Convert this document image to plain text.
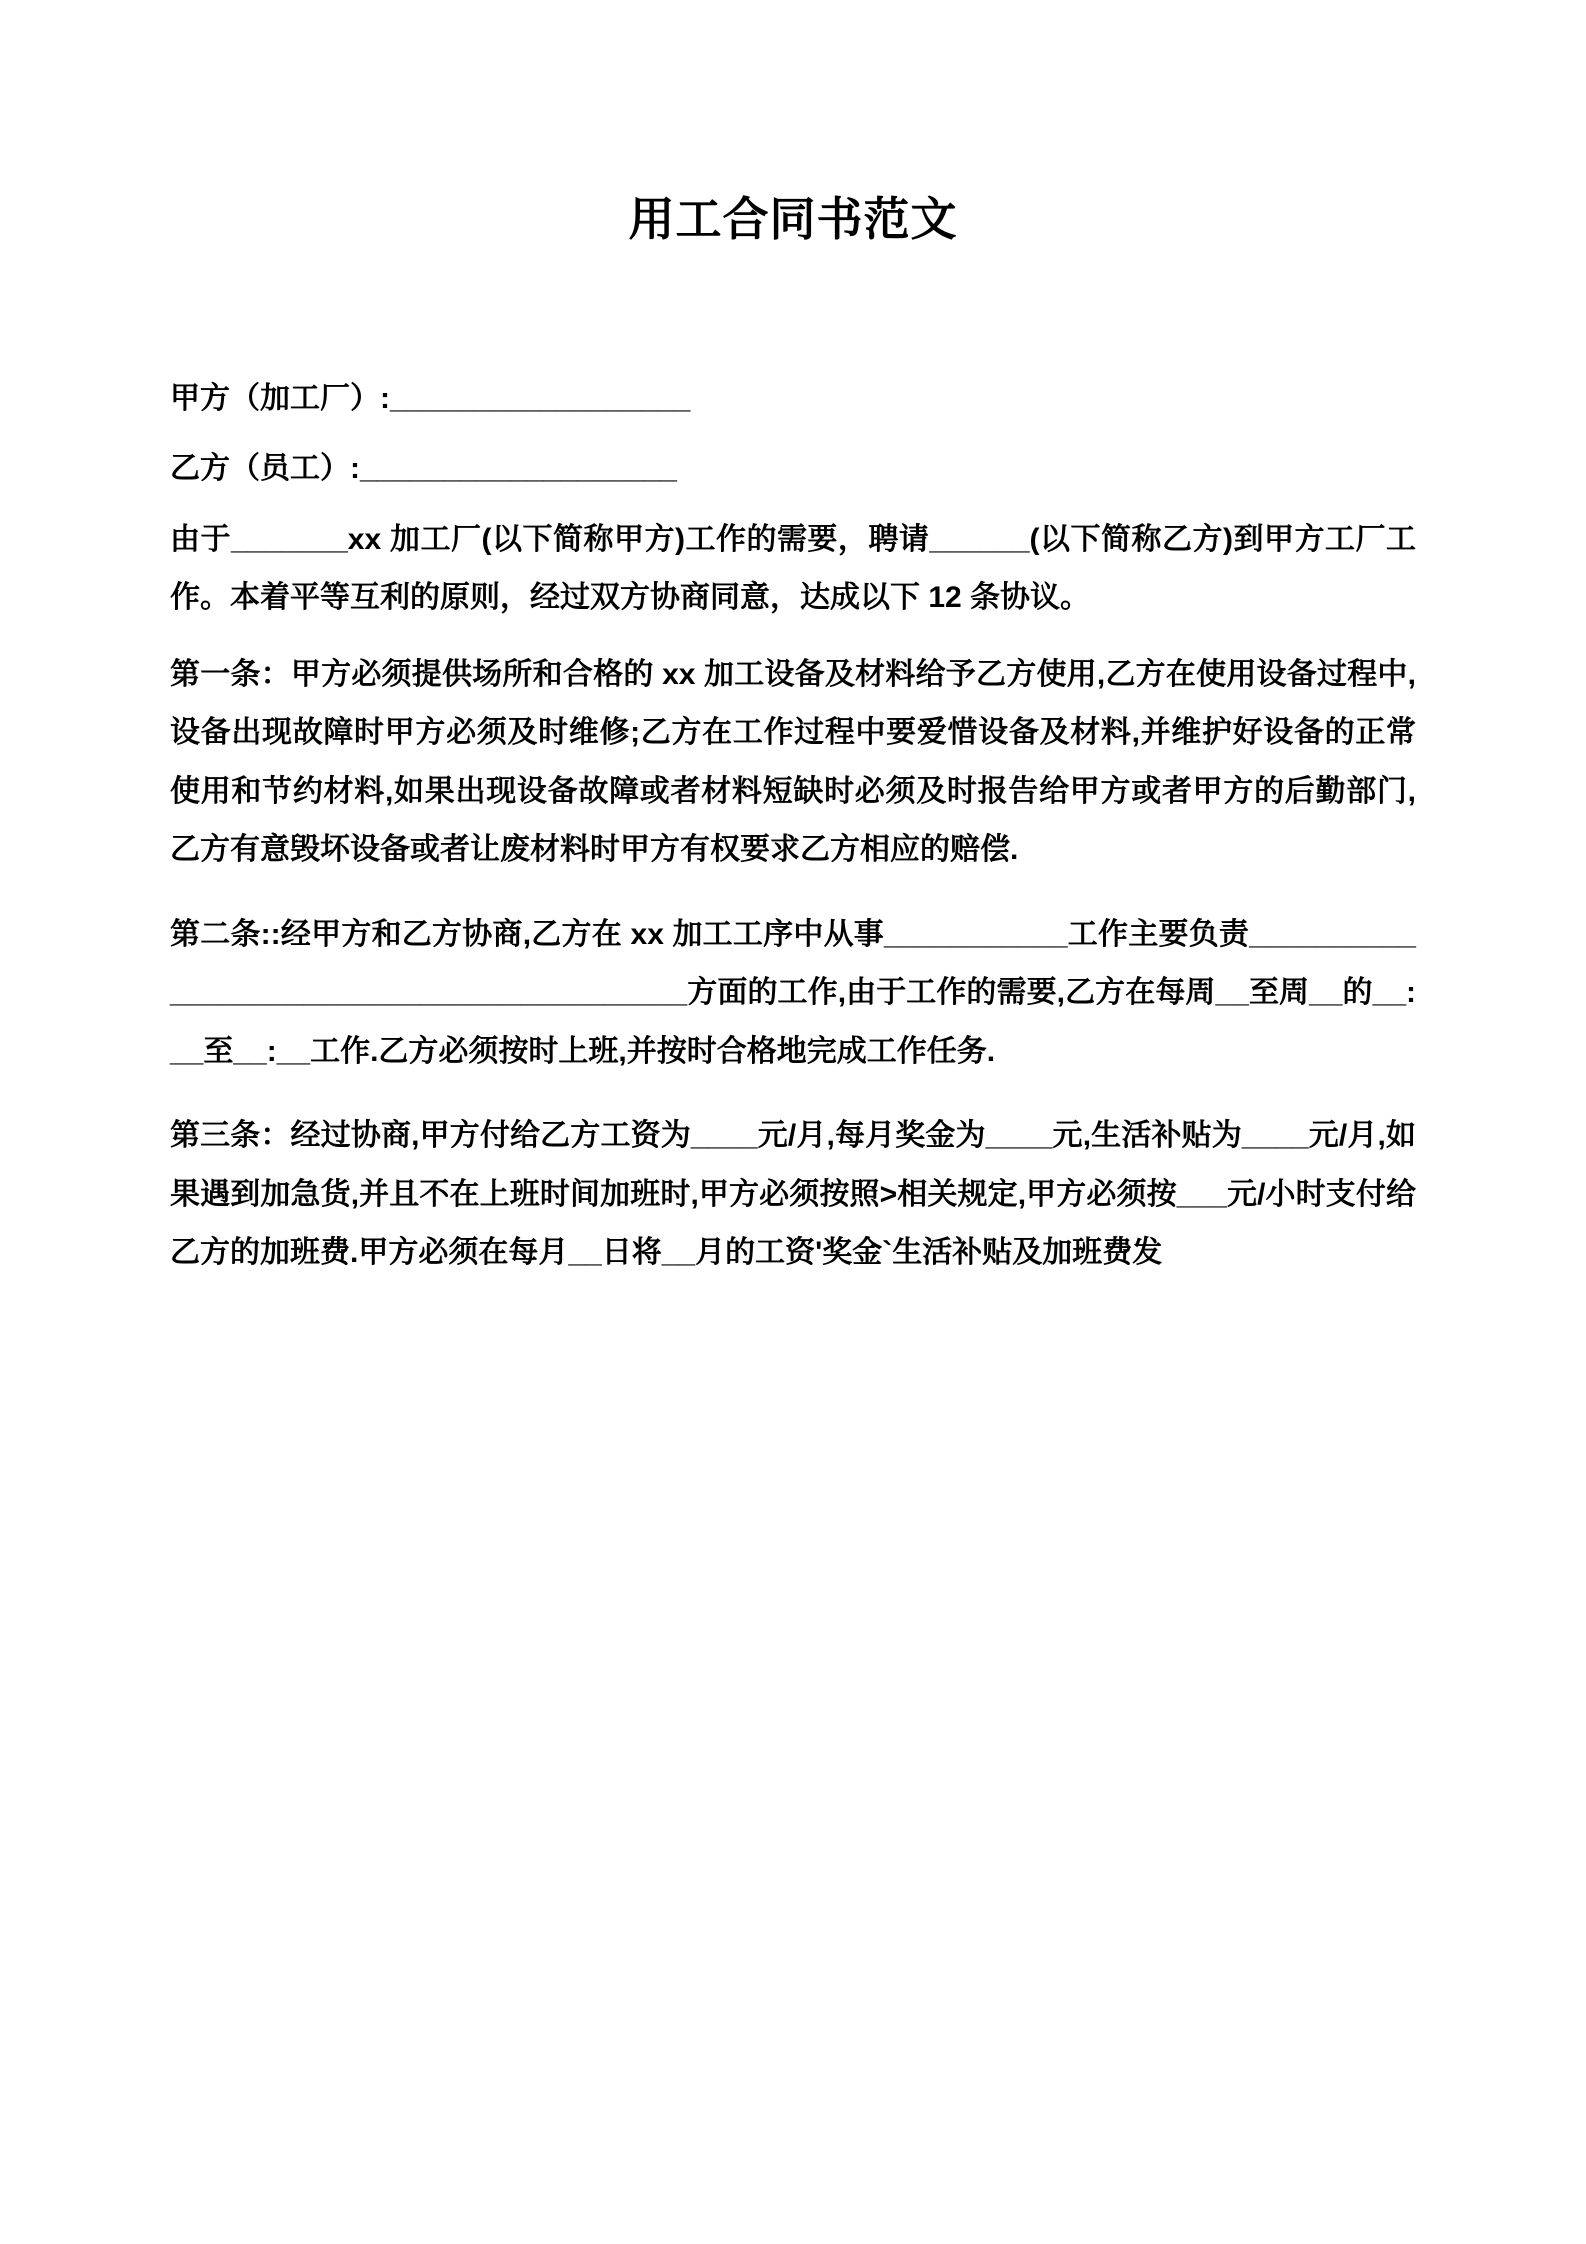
用工合同书范文

甲方（加工厂）:__________________

乙方（员工）:___________________

由于_______xx 加工厂(以下简称甲方)工作的需要，聘请______(以下简称乙方)到甲方工厂工作。本着平等互利的原则，经过双方协商同意，达成以下 12 条协议。

第一条：甲方必须提供场所和合格的 xx 加工设备及材料给予乙方使用,乙方在使用设备过程中,设备出现故障时甲方必须及时维修;乙方在工作过程中要爱惜设备及材料,并维护好设备的正常使用和节约材料,如果出现设备故障或者材料短缺时必须及时报告给甲方或者甲方的后勤部门,乙方有意毁坏设备或者让废材料时甲方有权要求乙方相应的赔偿.

第二条::经甲方和乙方协商,乙方在 xx 加工工序中从事___________工作主要负责_________________________________________方面的工作,由于工作的需要,乙方在每周__至周__的__:__至__:__工作.乙方必须按时上班,并按时合格地完成工作任务.

第三条：经过协商,甲方付给乙方工资为____元/月,每月奖金为____元,生活补贴为____元/月,如果遇到加急货,并且不在上班时间加班时,甲方必须按照>相关规定,甲方必须按___元/小时支付给乙方的加班费.甲方必须在每月__日将__月的工资'奖金`生活补贴及加班费发
